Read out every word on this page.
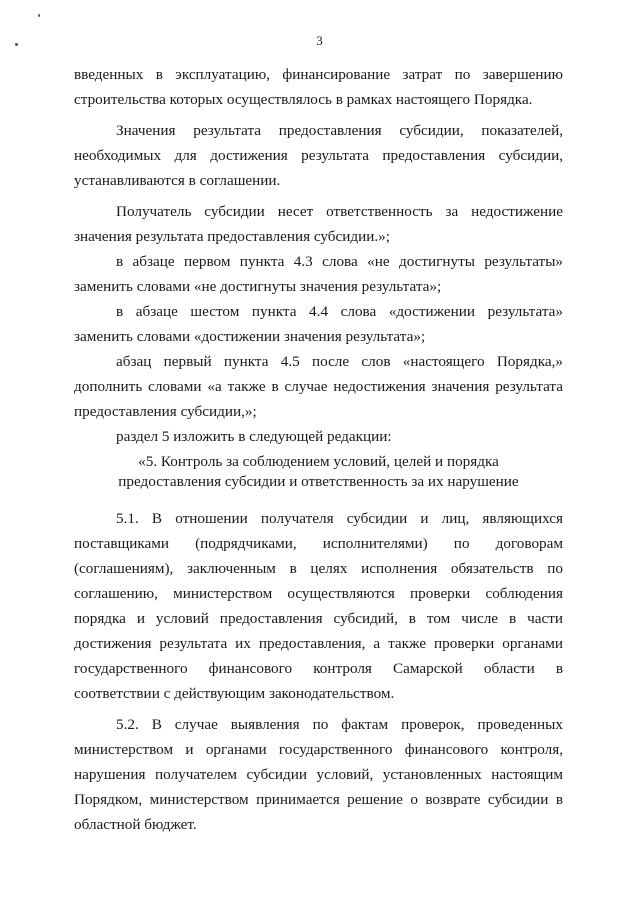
3

введенных в эксплуатацию, финансирование затрат по завершению строительства которых осуществлялось в рамках настоящего Порядка.

Значения результата предоставления субсидии, показателей, необходимых для достижения результата предоставления субсидии, устанавливаются в соглашении.

Получатель субсидии несет ответственность за недостижение значения результата предоставления субсидии.»;

в абзаце первом пункта 4.3 слова «не достигнуты результаты» заменить словами «не достигнуты значения результата»;

в абзаце шестом пункта 4.4 слова «достижении результата» заменить словами «достижении значения результата»;

абзац первый пункта 4.5 после слов «настоящего Порядка,» дополнить словами «а также в случае недостижения значения результата предоставления субсидии,»;

раздел 5 изложить в следующей редакции:

«5. Контроль за соблюдением условий, целей и порядка предоставления субсидии и ответственность за их нарушение

5.1. В отношении получателя субсидии и лиц, являющихся поставщиками (подрядчиками, исполнителями) по договорам (соглашениям), заключенным в целях исполнения обязательств по соглашению, министерством осуществляются проверки соблюдения порядка и условий предоставления субсидий, в том числе в части достижения результата их предоставления, а также проверки органами государственного финансового контроля Самарской области в соответствии с действующим законодательством.

5.2. В случае выявления по фактам проверок, проведенных министерством и органами государственного финансового контроля, нарушения получателем субсидии условий, установленных настоящим Порядком, министерством принимается решение о возврате субсидии в областной бюджет.
